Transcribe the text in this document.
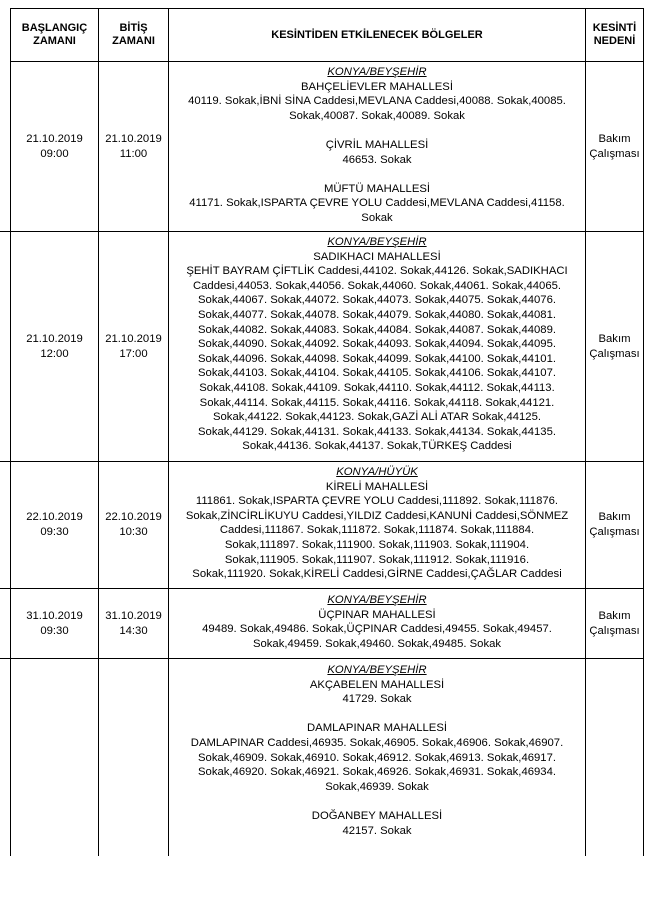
BAŞLANGIÇ
ZAMANI
BİTİŞ
ZAMANI
KESİNTİDEN ETKİLENECEK BÖLGELER
KESİNTİ
NEDENİ
21.10.2019
09:00
21.10.2019
11:00
KONYA/BEYŞEHİR
BAHÇELİEVLER MAHALLESİ
40119. Sokak,İBNİ SİNA Caddesi,MEVLANA Caddesi,40088. Sokak,40085.
Sokak,40087. Sokak,40089. Sokak
ÇİVRİL MAHALLESİ
46653. Sokak
MÜFTÜ MAHALLESİ
41171. Sokak,ISPARTA ÇEVRE YOLU Caddesi,MEVLANA Caddesi,41158.
Sokak
Bakım
Çalışması
21.10.2019
12:00
21.10.2019
17:00
KONYA/BEYŞEHİR
SADIKHACI MAHALLESİ
ŞEHİT BAYRAM ÇİFTLİK Caddesi,44102. Sokak,44126. Sokak,SADIKHACI
Caddesi,44053. Sokak,44056. Sokak,44060. Sokak,44061. Sokak,44065.
Sokak,44067. Sokak,44072. Sokak,44073. Sokak,44075. Sokak,44076.
Sokak,44077. Sokak,44078. Sokak,44079. Sokak,44080. Sokak,44081.
Sokak,44082. Sokak,44083. Sokak,44084. Sokak,44087. Sokak,44089.
Sokak,44090. Sokak,44092. Sokak,44093. Sokak,44094. Sokak,44095.
Sokak,44096. Sokak,44098. Sokak,44099. Sokak,44100. Sokak,44101.
Sokak,44103. Sokak,44104. Sokak,44105. Sokak,44106. Sokak,44107.
Sokak,44108. Sokak,44109. Sokak,44110. Sokak,44112. Sokak,44113.
Sokak,44114. Sokak,44115. Sokak,44116. Sokak,44118. Sokak,44121.
Sokak,44122. Sokak,44123. Sokak,GAZİ ALİ ATAR Sokak,44125.
Sokak,44129. Sokak,44131. Sokak,44133. Sokak,44134. Sokak,44135.
Sokak,44136. Sokak,44137. Sokak,TÜRKEŞ Caddesi
Bakım
Çalışması
22.10.2019
09:30
22.10.2019
10:30
KONYA/HÜYÜK
KİRELİ MAHALLESİ
111861. Sokak,ISPARTA ÇEVRE YOLU Caddesi,111892. Sokak,111876.
Sokak,ZİNCİRLİKUYU Caddesi,YILDIZ Caddesi,KANUNİ Caddesi,SÖNMEZ
Caddesi,111867. Sokak,111872. Sokak,111874. Sokak,111884.
Sokak,111897. Sokak,111900. Sokak,111903. Sokak,111904.
Sokak,111905. Sokak,111907. Sokak,111912. Sokak,111916.
Sokak,111920. Sokak,KİRELİ Caddesi,GİRNE Caddesi,ÇAĞLAR Caddesi
Bakım
Çalışması
31.10.2019
09:30
31.10.2019
14:30
KONYA/BEYŞEHİR
ÜÇPINAR MAHALLESİ
49489. Sokak,49486. Sokak,ÜÇPINAR Caddesi,49455. Sokak,49457.
Sokak,49459. Sokak,49460. Sokak,49485. Sokak
Bakım
Çalışması
KONYA/BEYŞEHİR
AKÇABELEN MAHALLESİ
41729. Sokak
DAMLAPINAR MAHALLESİ
DAMLAPINAR Caddesi,46935. Sokak,46905. Sokak,46906. Sokak,46907.
Sokak,46909. Sokak,46910. Sokak,46912. Sokak,46913. Sokak,46917.
Sokak,46920. Sokak,46921. Sokak,46926. Sokak,46931. Sokak,46934.
Sokak,46939. Sokak
DOĞANBEY MAHALLESİ
42157. Sokak
